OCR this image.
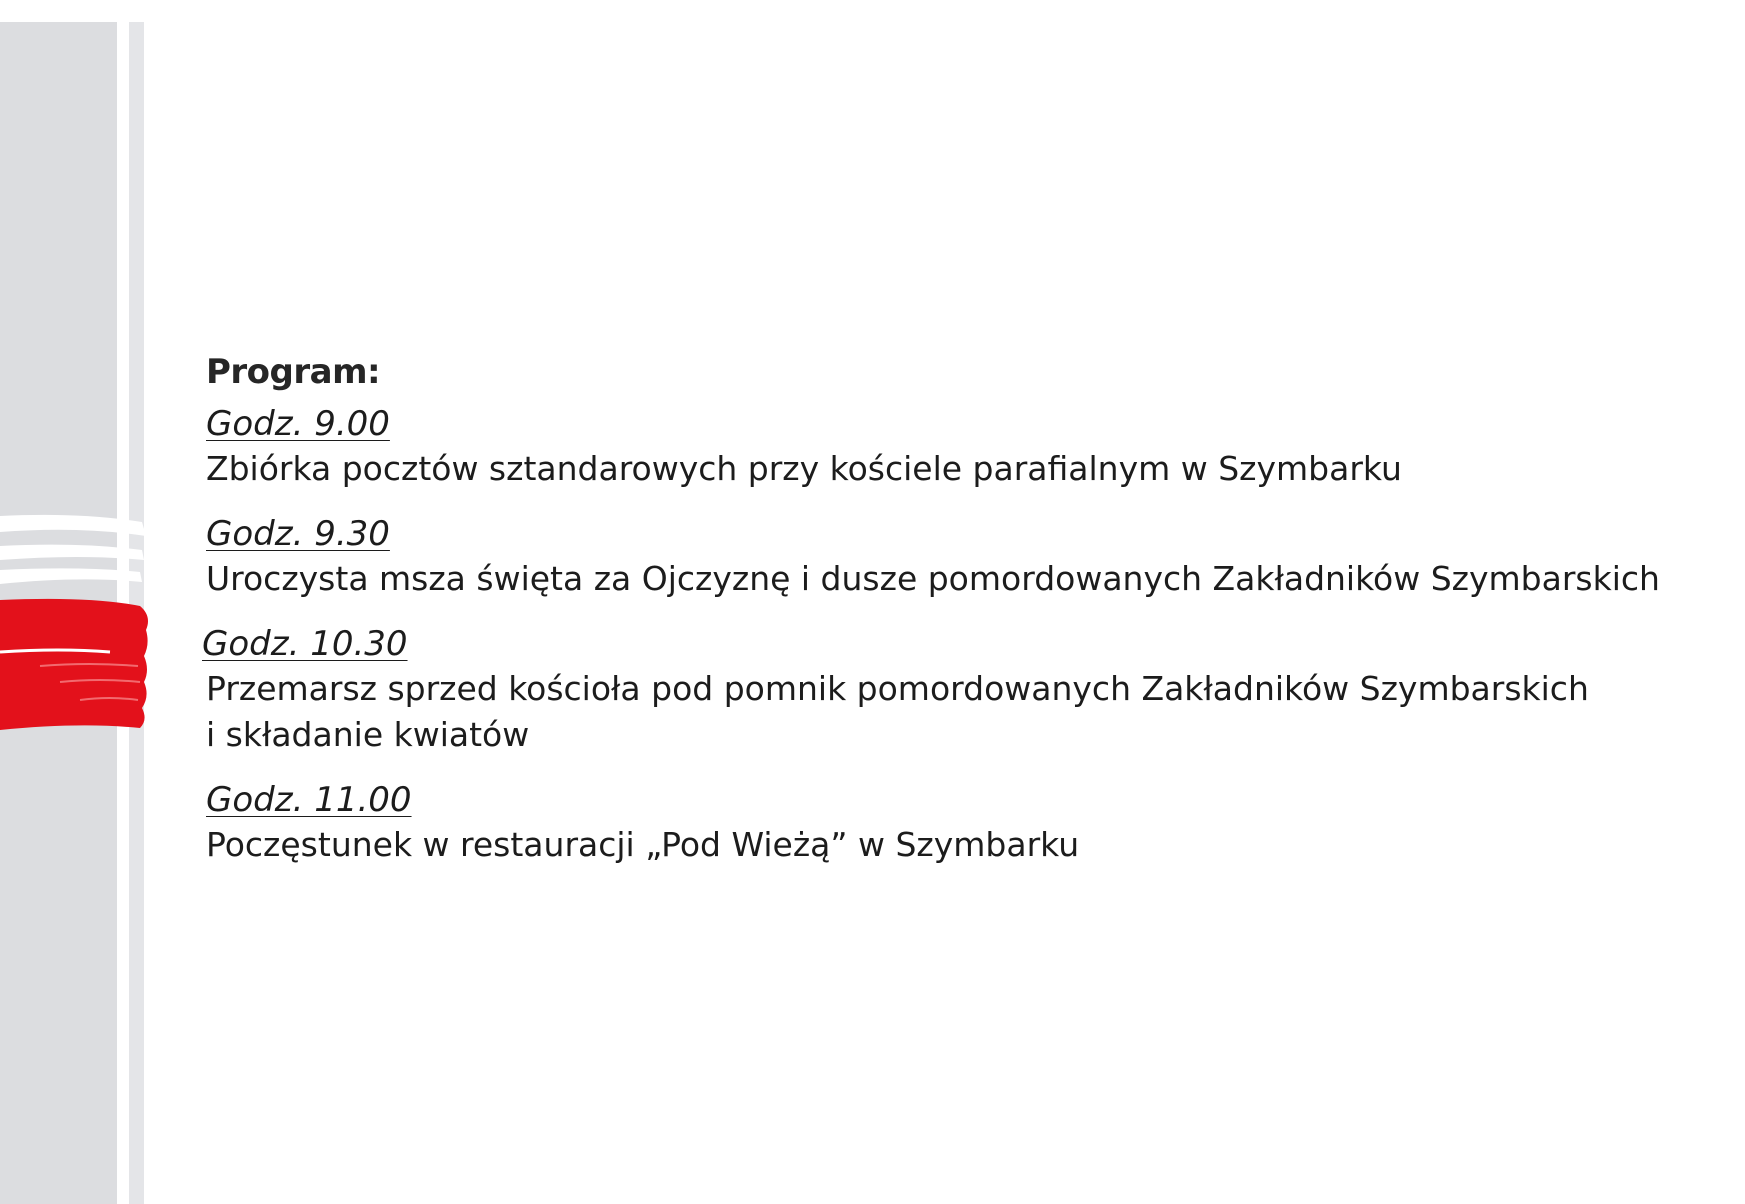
Program:
Godz. 9.00
Zbiórka pocztów sztandarowych przy kościele parafialnym w Szymbarku
Godz. 9.30
Uroczysta msza święta za Ojczyznę i dusze pomordowanych Zakładników Szymbarskich
Godz. 10.30
Przemarsz sprzed kościoła pod pomnik pomordowanych Zakładników Szymbarskich
i składanie kwiatów
Godz. 11.00
Poczęstunek w restauracji „Pod Wieżą” w Szymbarku
